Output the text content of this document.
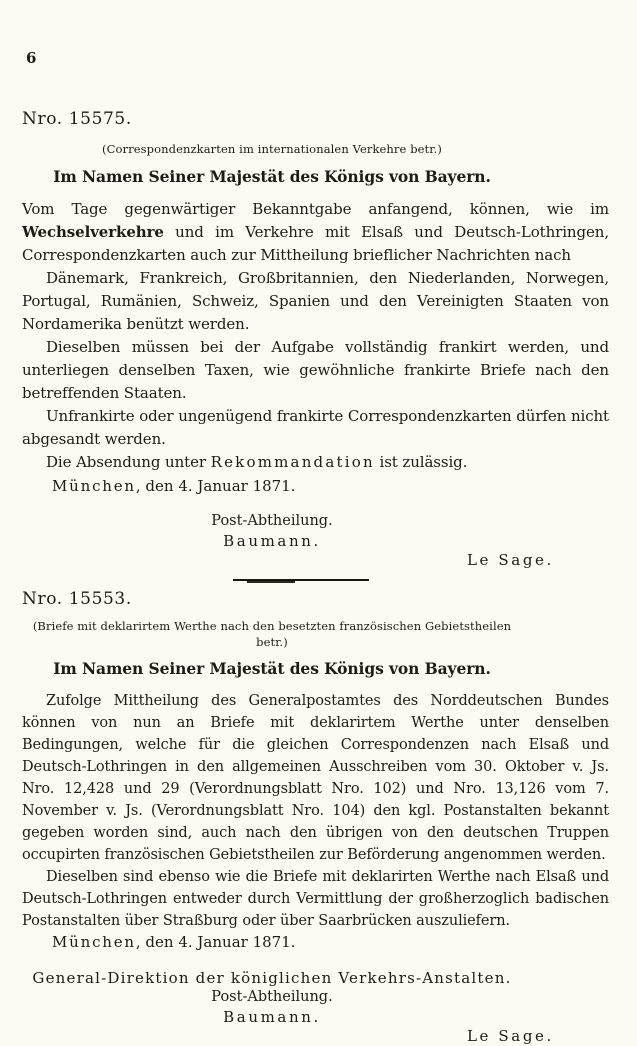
6
Nro. 15575.
(Correspondenzkarten im internationalen Verkehre betr.)
Im Namen Seiner Majestät des Königs von Bayern.

Vom Tage gegenwärtiger Bekanntgabe anfangend, können, wie im Wechselverkehre und im Verkehre mit Elsaß und Deutsch-Lothringen, Correspondenzkarten auch zur Mittheilung brieflicher Nachrichten nach

Dänemark, Frankreich, Großbritannien, den Niederlanden, Norwegen, Portugal, Rumänien, Schweiz, Spanien und den Vereinigten Staaten von Nordamerika benützt werden.

Dieselben müssen bei der Aufgabe vollständig frankirt werden, und unterliegen denselben Taxen, wie gewöhnliche frankirte Briefe nach den betreffenden Staaten.

Unfrankirte oder ungenügend frankirte Correspondenzkarten dürfen nicht abgesandt werden.

Die Absendung unter Rekommandation ist zulässig.

München, den 4. Januar 1871.

Post-Abtheilung.
Baumann.
Le Sage.
Nro. 15553.
(Briefe mit deklarirtem Werthe nach den besetzten französischen Gebietstheilen betr.)
Im Namen Seiner Majestät des Königs von Bayern.

Zufolge Mittheilung des Generalpostamtes des Norddeutschen Bundes können von nun an Briefe mit deklarirtem Werthe unter denselben Bedingungen, welche für die gleichen Correspondenzen nach Elsaß und Deutsch-Lothringen in den allgemeinen Ausschreiben vom 30. Oktober v. Js. Nro. 12,428 und 29 (Verordnungsblatt Nro. 102) und Nro. 13,126 vom 7. November v. Js. (Verordnungsblatt Nro. 104) den kgl. Postanstalten bekannt gegeben worden sind, auch nach den übrigen von den deutschen Truppen occupirten französischen Gebietstheilen zur Beförderung angenommen werden.

Dieselben sind ebenso wie die Briefe mit deklarirten Werthe nach Elsaß und Deutsch-Lothringen entweder durch Vermittlung der großherzoglich badischen Postanstalten über Straßburg oder über Saarbrücken auszuliefern.

München, den 4. Januar 1871.

General-Direktion der königlichen Verkehrs-Anstalten.
Post-Abtheilung.
Baumann.
Le Sage.
